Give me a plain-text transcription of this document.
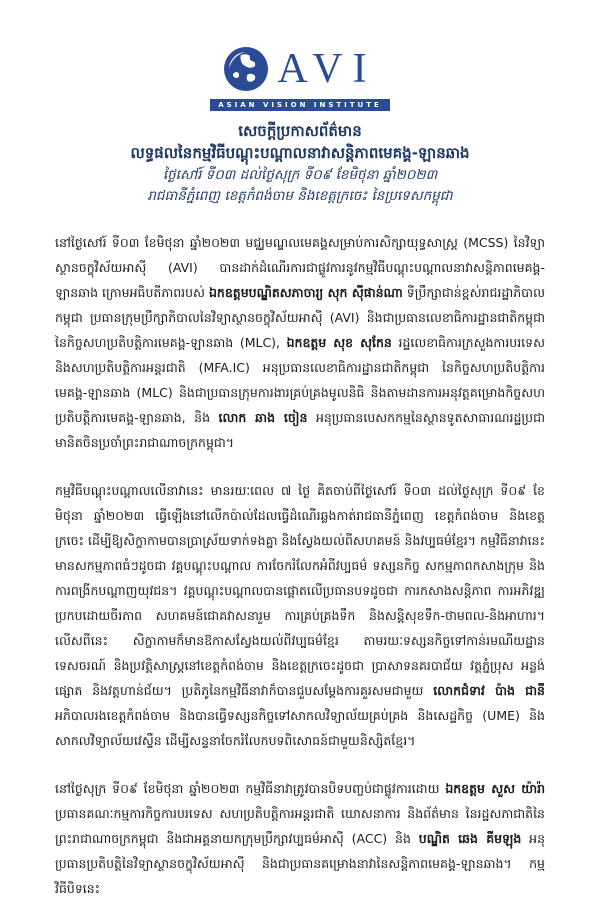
AVI
ASIAN VISION INSTITUTE
សេចក្ដីប្រកាសព័ត៌មាន
លទ្ធផលនៃកម្មវិធីបណ្ដុះបណ្ដាលនាវាសន្តិភាពមេគង្គ-ឡានឆាង
ថ្ងៃសៅរ៍ ទី០៣ ដល់ថ្ងៃសុក្រ ទី០៩ ខែមិថុនា ឆ្នាំ២០២៣
រាជធានីភ្នំពេញ ខេត្តកំពង់ចាម និងខេត្តក្រចេះ នៃប្រទេសកម្ពុជា

នៅថ្ងៃសៅរ៍ ទី០៣ ខែមិថុនា ឆ្នាំ២០២៣ មជ្ឈមណ្ឌលមេគង្គសម្រាប់ការសិក្សាយុទ្ធសាស្ត្រ (MCSS) នៃវិទ្យាស្ថានចក្ខុវិស័យអាស៊ី (AVI) បានដាក់ដំណើរការជាផ្លូវការនូវកម្មវិធីបណ្ដុះបណ្ដាលនាវាសន្តិភាពមេគង្គ-ឡានឆាង ក្រោមអធិបតីភាពរបស់ ឯកឧត្តមបណ្ឌិតសភាចារ្យ សុក ស៊ីផាន់ណា ទីប្រឹក្សាជាន់ខ្ពស់រាជរដ្ឋាភិបាលកម្ពុជា ប្រធានក្រុមប្រឹក្សាភិបាលនៃវិទ្យាស្ថានចក្ខុវិស័យអាស៊ី (AVI) និងជាប្រធានលេខាធិការដ្ឋានជាតិកម្ពុជានៃកិច្ចសហប្រតិបត្តិការមេគង្គ-ឡានឆាង (MLC), ឯកឧត្តម សុខ សុកែន រដ្ឋលេខាធិការក្រសួងការបរទេស និងសហប្រតិបត្តិការអន្តរជាតិ (MFA.IC) អនុប្រធានលេខាធិការដ្ឋានជាតិកម្ពុជា នៃកិច្ចសហប្រតិបត្តិការមេគង្គ-ឡានឆាង (MLC) និងជាប្រធានក្រុមការងារគ្រប់គ្រងមូលនិធិ និងតាមដានការអនុវត្តគម្រោងកិច្ចសហប្រតិបត្តិការមេគង្គ-ឡានឆាង, និង លោក ឆាង ចៀន អនុប្រធានបេសកកម្មនៃស្ថានទូតសាធារណរដ្ឋប្រជាមានិតចិនប្រចាំព្រះរាជាណាចក្រកម្ពុជា។

កម្មវិធីបណ្ដុះបណ្ដាលលើនាវានេះ មានរយៈពេល ៧ ថ្ងៃ គិតចាប់ពីថ្ងៃសៅរ៍ ទី០៣ ដល់ថ្ងៃសុក្រ ទី០៩ ខែមិថុនា ឆ្នាំ២០២៣ ធ្វើឡើងនៅលើកប៉ាល់ដែលធ្វើដំណើរឆ្លងកាត់រាជធានីភ្នំពេញ ខេត្តកំពង់ចាម និងខេត្តក្រចេះ ដើម្បីឱ្យសិក្ខាកាមបានប្រាស្រ័យទាក់ទងគ្នា និងស្វែងយល់ពីសហគមន៍ និងវប្បធម៌ខ្មែរ។ កម្មវិធីនាវានេះមានសកម្មភាពធំៗដូចជា វគ្គបណ្ដុះបណ្ដាល ការចែករំលែកអំពីវប្បធម៌ ទស្សនកិច្ច សកម្មភាពកសាងក្រុម និងការពង្រីកបណ្ដាញយុវជន។ វគ្គបណ្ដុះបណ្ដាលបានផ្ដោតលើប្រធានបទដូចជា ការកសាងសន្តិភាព ការអភិវឌ្ឍប្រកបដោយចីរភាព សហគមន៍ជោគវាសនារួម ការគ្រប់គ្រងទឹក និងសន្តិសុខទឹក-ថាមពល-និងអាហារ។ លើសពីនេះ សិក្ខាកាមក៏មានឱកាសស្វែងយល់ពីវប្បធម៌ខ្មែរ តាមរយៈទស្សនកិច្ចទៅកាន់រមណីយដ្ឋានទេសចរណ៍ និងប្រវត្តិសាស្ត្រនៅខេត្តកំពង់ចាម និងខេត្តក្រចេះដូចជា ប្រាសាទនគរបាជ័យ វត្តភ្នំប្រុស អន្លង់ផ្សោត និងវត្តហាន់ជ័យ។ ប្រតិភូនៃកម្មវិធីនាវាក៏បានជួបសម្ដែងការគួរសមជាមួយ លោកជំទាវ ប៉ាង ជានី អភិបាលរងខេត្តកំពង់ចាម និងបានធ្វើទស្សនកិច្ចទៅសាកលវិទ្យាល័យគ្រប់គ្រង និងសេដ្ឋកិច្ច (UME) និងសាកលវិទ្យាល័យវេស្ទឺន ដើម្បីសន្ទនាចែករំលែកបទពិសោធន៍ជាមួយនិស្សិតខ្មែរ។

នៅថ្ងៃសុក្រ ទី០៩ ខែមិថុនា ឆ្នាំ២០២៣ កម្មវិធីនាវាត្រូវបានបិទបញ្ចប់ជាផ្លូវការដោយ ឯកឧត្តម សួស យ៉ារ៉ា ប្រធានគណៈកម្មការកិច្ចការបរទេស សហប្រតិបត្តិការអន្តរជាតិ ឃោសនាការ និងព័ត៌មាន នៃរដ្ឋសភាជាតិនៃព្រះរាជាណាចក្រកម្ពុជា និងជាអគ្គនាយកក្រុមប្រឹក្សាវប្បធម៌អាស៊ី (ACC) និង បណ្ឌិត ឆេង គីមឡុង អនុប្រធានប្រតិបត្តិនៃវិទ្យាស្ថានចក្ខុវិស័យអាស៊ី និងជាប្រធានគម្រោងនាវានៃសន្តិភាពមេគង្គ-ឡានឆាង។ កម្មវិធីបិទនេះ
